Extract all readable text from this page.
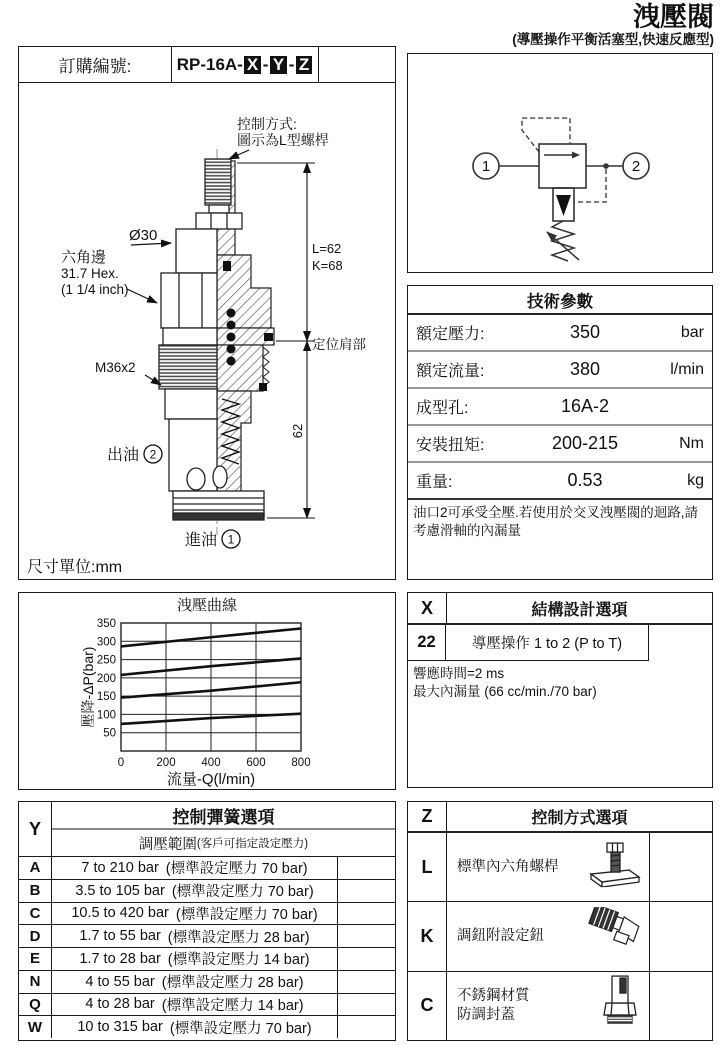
洩壓閥
(導壓操作平衡活塞型,快速反應型)
訂購編號:	RP-16A- X - Y - Z
控制方式:
圖示為L型螺桿
Ø30
六角邊
31.7 Hex.
(1 1/4 inch)
M36x2
定位肩部
L=62
K=68
62
出油 2
進油 1
尺寸單位:mm
1	2
技術參數
額定壓力:	350	bar
額定流量:	380	l/min
成型孔:	16A-2
安裝扭矩:	200-215	Nm
重量:	0.53	kg
油口2可承受全壓.若使用於交叉洩壓閥的迴路,請考慮滑軸的內漏量
洩壓曲線
0	200 400 600 800
50
100
150
200
250
300
350
流量-Q(l/min)
壓降-ΔP(bar)
X	結構設計選項
22	導壓操作 1 to 2 (P to T)
響應時間=2 ms
最大內漏量 (66 cc/min./70 bar)
Y
控制彈簧選項
調壓範圍 (客戶可指定設定壓力)
A	7 to 210 bar (標準設定壓力 70 bar)
B	3.5 to 105 bar (標準設定壓力 70 bar)
C	10.5 to 420 bar (標準設定壓力 70 bar)
D	1.7 to 55 bar (標準設定壓力 28 bar)
E	1.7 to 28 bar (標準設定壓力 14 bar)
N	4 to 55 bar (標準設定壓力 28 bar)
Q	4 to 28 bar (標準設定壓力 14 bar)
W	10 to 315 bar (標準設定壓力 70 bar)
Z	控制方式選項
L	標準內六角螺桿
K	調鈕附設定鈕
C	不銹鋼材質
防調封蓋
